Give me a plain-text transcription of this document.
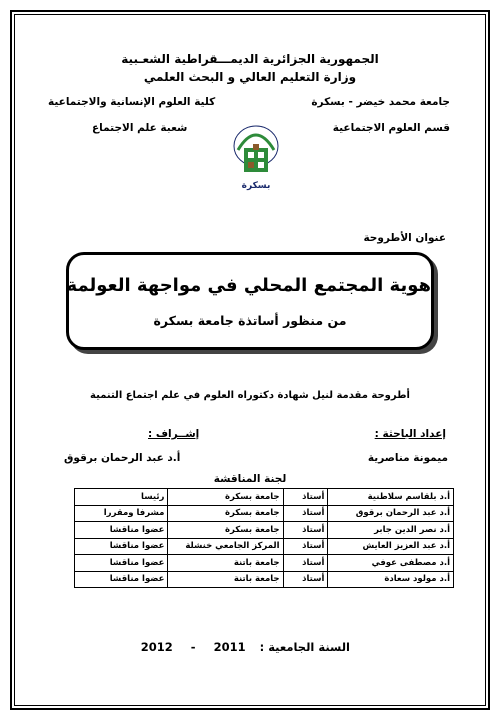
الجمهورية الجزائرية الديمـــقراطية الشعـبية
وزارة التعليم العالي و البحث العلمي
جامعة محمد خيضر - بسكرة
كلية العلوم الإنسانية والاجتماعية
قسم العلوم الاجتماعية
شعبة علم الاجتماع
بسكرة
عنوان الأطروحة
هوية المجتمع المحلي في مواجهة العولمة
من منظور أساتذة جامعة بسكرة
أطروحة مقدمة لنيل شهادة دكتوراه العلوم في علم اجتماع التنمية
إعداد الباحثة :
إشــراف :
ميمونة مناصرية
أ.د عبد الرحمان برقوق
لجنة المناقشة
أ.د بلقاسم سلاطنية	أستاذ	جامعة بسكرة	رئيسا
أ.د عبد الرحمان برقوق	أستاذ	جامعة بسكرة	مشرفا ومقررا
أ.د نصر الدين جابر	أستاذ	جامعة بسكرة	عضوا مناقشا
أ.د عبد العزيز العايش	أستاذ	المركز الجامعي خنشلة	عضوا مناقشا
أ.د مصطفى عوفي	أستاذ	جامعة باتنة	عضوا مناقشا
أ.د مولود سعادة	أستاذ	جامعة باتنة	عضوا مناقشا
السنة الجامعية :  2011  -  2012
